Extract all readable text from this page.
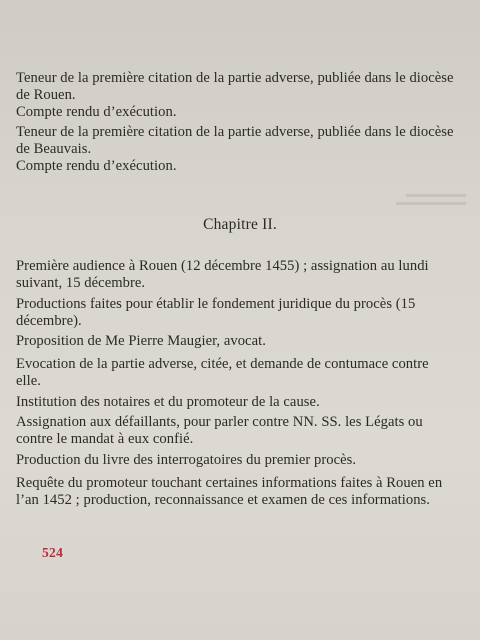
Teneur de la première citation de la partie adverse, publiée dans le diocèse de Rouen.
Compte rendu d’exécution.
Teneur de la première citation de la partie adverse, publiée dans le diocèse de Beauvais.
Compte rendu d’exécution.
Chapitre II.
Première audience à Rouen (12 décembre 1455) ; assignation au lundi suivant, 15 décembre.
Productions faites pour établir le fondement juridique du procès (15 décembre).
Proposition de Me Pierre Maugier, avocat.
Evocation de la partie adverse, citée, et demande de contumace contre elle.
Institution des notaires et du promoteur de la cause.
Assignation aux défaillants, pour parler contre NN. SS. les Légats ou contre le mandat à eux confié.
Production du livre des interrogatoires du premier procès.
Requête du promoteur touchant certaines informations faites à Rouen en l’an 1452 ; production, reconnaissance et examen de ces informations.
524
